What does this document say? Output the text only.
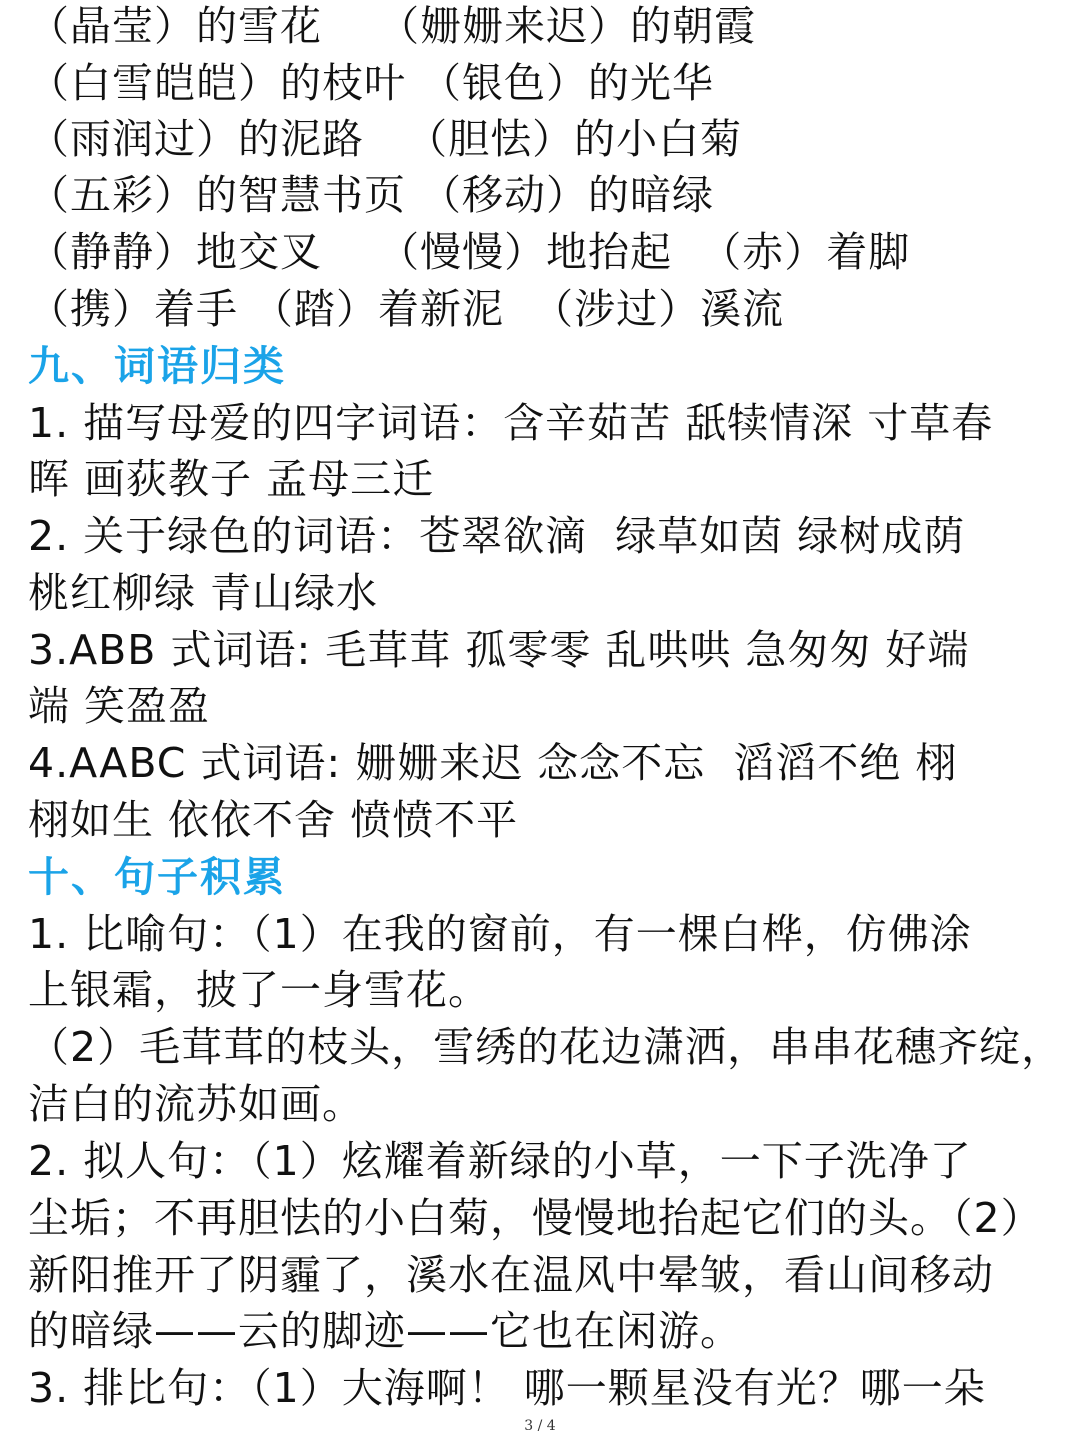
（晶莹）的雪花    （姗姗来迟）的朝霞
（白雪皑皑）的枝叶 （银色）的光华
（雨润过）的泥路   （胆怯）的小白菊
（五彩）的智慧书页 （移动）的暗绿
（静静）地交叉    （慢慢）地抬起  （赤）着脚
（携）着手 （踏）着新泥  （涉过）溪流
九、词语归类
1. 描写母爱的四字词语：含辛茹苦 舐犊情深 寸草春
晖 画荻教子 孟母三迁
2. 关于绿色的词语：苍翠欲滴  绿草如茵 绿树成荫
桃红柳绿 青山绿水
3.ABB 式词语: 毛茸茸 孤零零 乱哄哄 急匆匆 好端
端 笑盈盈
4.AABC 式词语: 姗姗来迟 念念不忘  滔滔不绝 栩
栩如生 依依不舍 愤愤不平
十、句子积累
1. 比喻句：（1）在我的窗前，有一棵白桦，仿佛涂
上银霜，披了一身雪花。
（2）毛茸茸的枝头，雪绣的花边潇洒，串串花穗齐绽，
洁白的流苏如画。
2. 拟人句：（1）炫耀着新绿的小草，一下子洗净了
尘垢；不再胆怯的小白菊，慢慢地抬起它们的头。（2）
新阳推开了阴霾了，溪水在温风中晕皱，看山间移动
的暗绿——云的脚迹——它也在闲游。
3. 排比句：（1）大海啊！ 哪一颗星没有光？哪一朵
3 / 4
